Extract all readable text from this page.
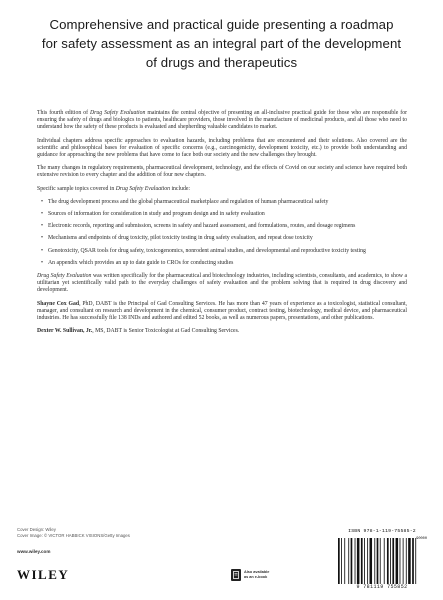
Comprehensive and practical guide presenting a roadmap for safety assessment as an integral part of the development of drugs and therapeutics

This fourth edition of Drug Safety Evaluation maintains the central objective of presenting an all-inclusive practical guide for those who are responsible for ensuring the safety of drugs and biologics to patients, healthcare providers, those involved in the manufacture of medicinal products, and all those who need to understand how the safety of these products is evaluated and shepherding valuable candidates to market.

Individual chapters address specific approaches to evaluation hazards, including problems that are encountered and their solutions. Also covered are the scientific and philosophical bases for evaluation of specific concerns (e.g., carcinogenicity, development toxicity, etc.) to provide both understanding and guidance for approaching the new problems that have come to face both our society and the new challenges they brought.

The many changes in regulatory requirements, pharmaceutical development, technology, and the effects of Covid on our society and science have required both extensive revision to every chapter and the addition of four new chapters.

Specific sample topics covered in Drug Safety Evaluation include:

• The drug development process and the global pharmaceutical marketplace and regulation of human pharmaceutical safety
• Sources of information for consideration in study and program design and in safety evaluation
• Electronic records, reporting and submission, screens in safety and hazard assessment, and formulations, routes, and dosage regimens
• Mechanisms and endpoints of drug toxicity, pilot toxicity testing in drug safety evaluation, and repeat dose toxicity
• Genotoxicity, QSAR tools for drug safety, toxicogenomics, nonrodent animal studies, and developmental and reproductive toxicity testing
• An appendix which provides an up to date guide to CROs for conducting studies

Drug Safety Evaluation was written specifically for the pharmaceutical and biotechnology industries, including scientists, consultants, and academics, to show a utilitarian yet scientifically valid path to the everyday challenges of safety evaluation and the problem solving that is required in drug discovery and development.

Shayne Cox Gad, PhD, DABT is the Principal of Gad Consulting Services. He has more than 47 years of experience as a toxicologist, statistical consultant, manager, and consultant on research and development in the chemical, consumer product, contract testing, biotechnology, medical device, and pharmaceutical industries. He has successfully file 138 INDs and authored and edited 52 books, as well as numerous papers, presentations, and other publications.

Dexter W. Sullivan, Jr., MS, DABT is Senior Toxicologist at Gad Consulting Services.

Cover Design: Wiley
Cover Image: © VICTOR HABBICK VISIONS/Getty Images
www.wiley.com
WILEY	Also available
as an e-book
ISBN 978-1-119-75585-2
90000
9 781119 755852
